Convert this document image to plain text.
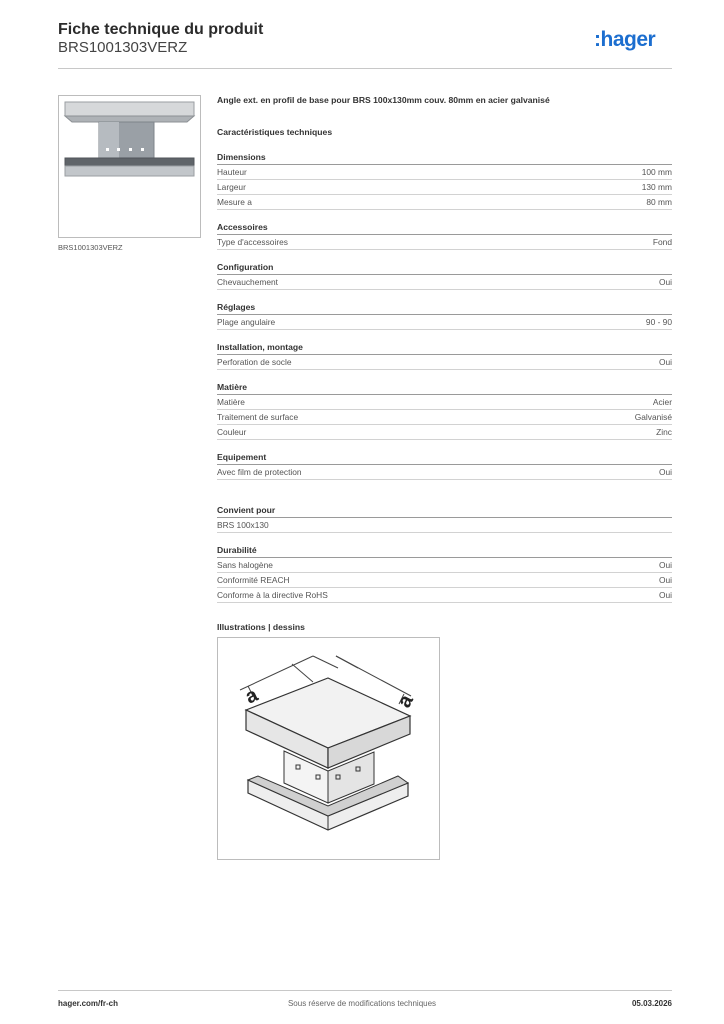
Fiche technique du produit
BRS1001303VERZ	:hager
BRS1001303VERZ
Angle ext. en profil de base pour BRS 100x130mm couv. 80mm en acier galvanisé
Caractéristiques techniques
Dimensions
Hauteur	100 mm
Largeur	130 mm
Mesure a	80 mm
Accessoires
Type d'accessoires	Fond
Configuration
Chevauchement	Oui
Réglages
Plage angulaire	90 - 90
Installation, montage
Perforation de socle	Oui
Matière
Matière	Acier
Traitement de surface	Galvanisé
Couleur	Zinc
Equipement
Avec film de protection	Oui
Convient pour
BRS 100x130
Durabilité
Sans halogène	Oui
Conformité REACH	Oui
Conforme à la directive RoHS	Oui
Illustrations | dessins
a	a
hager.com/fr-ch	Sous réserve de modifications techniques	05.03.2026
